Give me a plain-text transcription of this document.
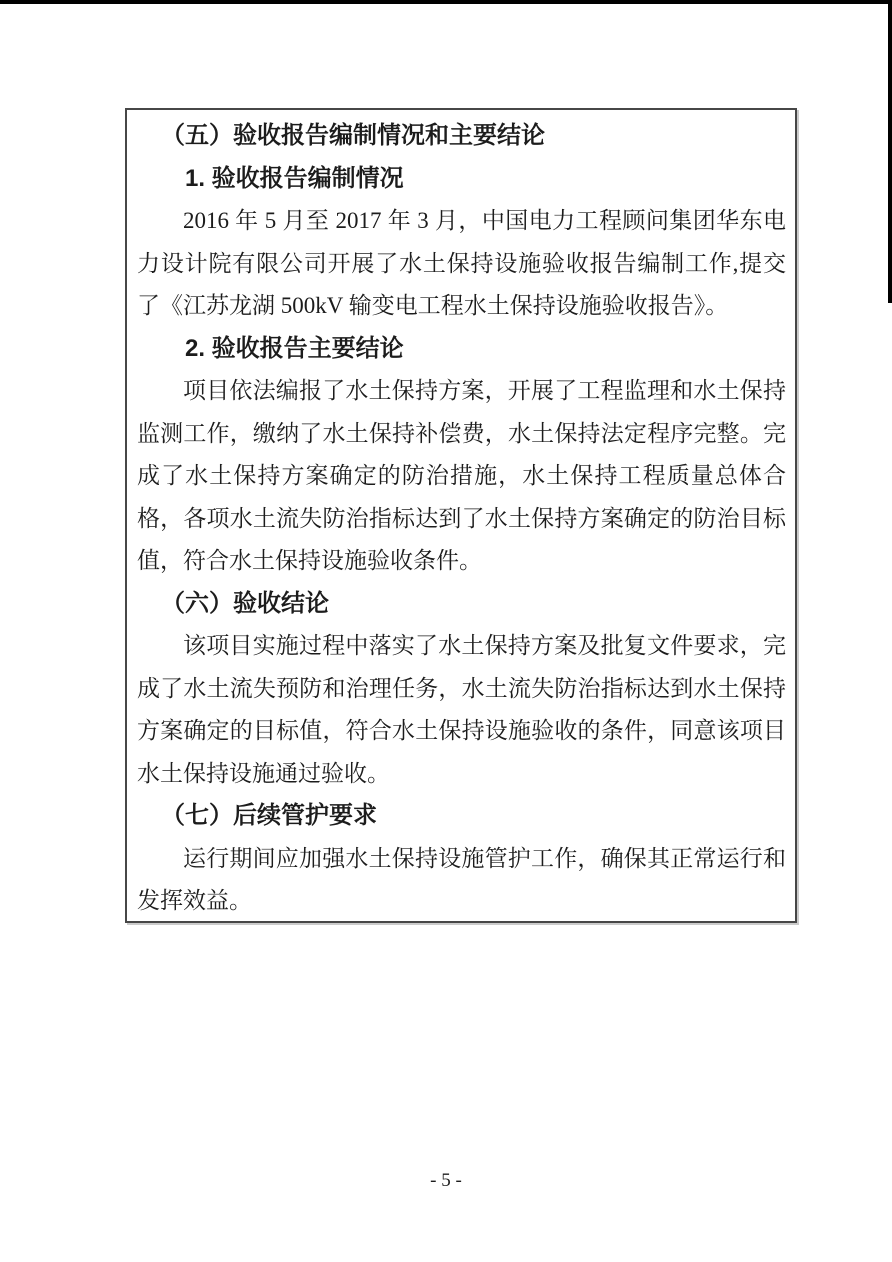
（五）验收报告编制情况和主要结论

1. 验收报告编制情况

2016 年 5 月至 2017 年 3 月，中国电力工程顾问集团华东电力设计院有限公司开展了水土保持设施验收报告编制工作,提交了《江苏龙湖 500kV 输变电工程水土保持设施验收报告》。

2. 验收报告主要结论

项目依法编报了水土保持方案，开展了工程监理和水土保持监测工作，缴纳了水土保持补偿费，水土保持法定程序完整。完成了水土保持方案确定的防治措施，水土保持工程质量总体合格，各项水土流失防治指标达到了水土保持方案确定的防治目标值，符合水土保持设施验收条件。

（六）验收结论

该项目实施过程中落实了水土保持方案及批复文件要求，完成了水土流失预防和治理任务，水土流失防治指标达到水土保持方案确定的目标值，符合水土保持设施验收的条件，同意该项目水土保持设施通过验收。

（七）后续管护要求

运行期间应加强水土保持设施管护工作，确保其正常运行和发挥效益。

- 5 -
